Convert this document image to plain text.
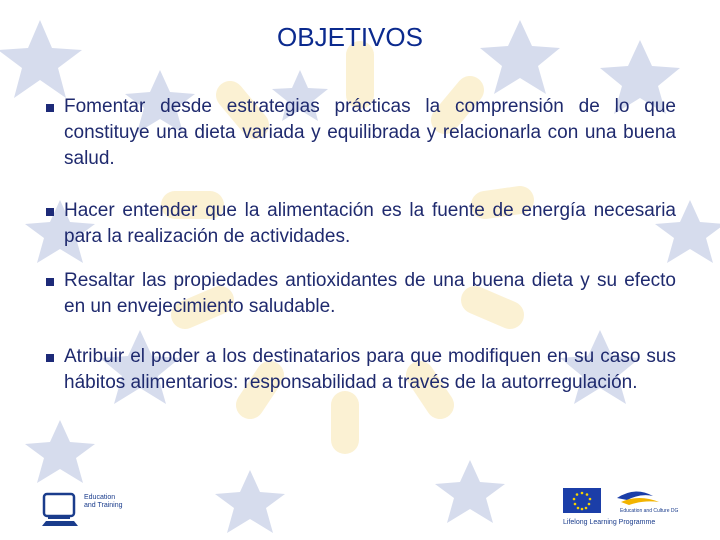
OBJETIVOS
Fomentar desde estrategias prácticas la comprensión de lo que constituye una dieta variada y equilibrada y relacionarla con una buena salud.
Hacer entender que la alimentación es la fuente de energía necesaria para la realización de actividades.
Resaltar las propiedades antioxidantes de una buena dieta y su efecto en un envejecimiento saludable.
Atribuir el poder a los destinatarios para que modifiquen en su caso sus hábitos alimentarios: responsabilidad a través de la autorregulación.
Education and Training
Education and Culture DG
Lifelong Learning Programme
